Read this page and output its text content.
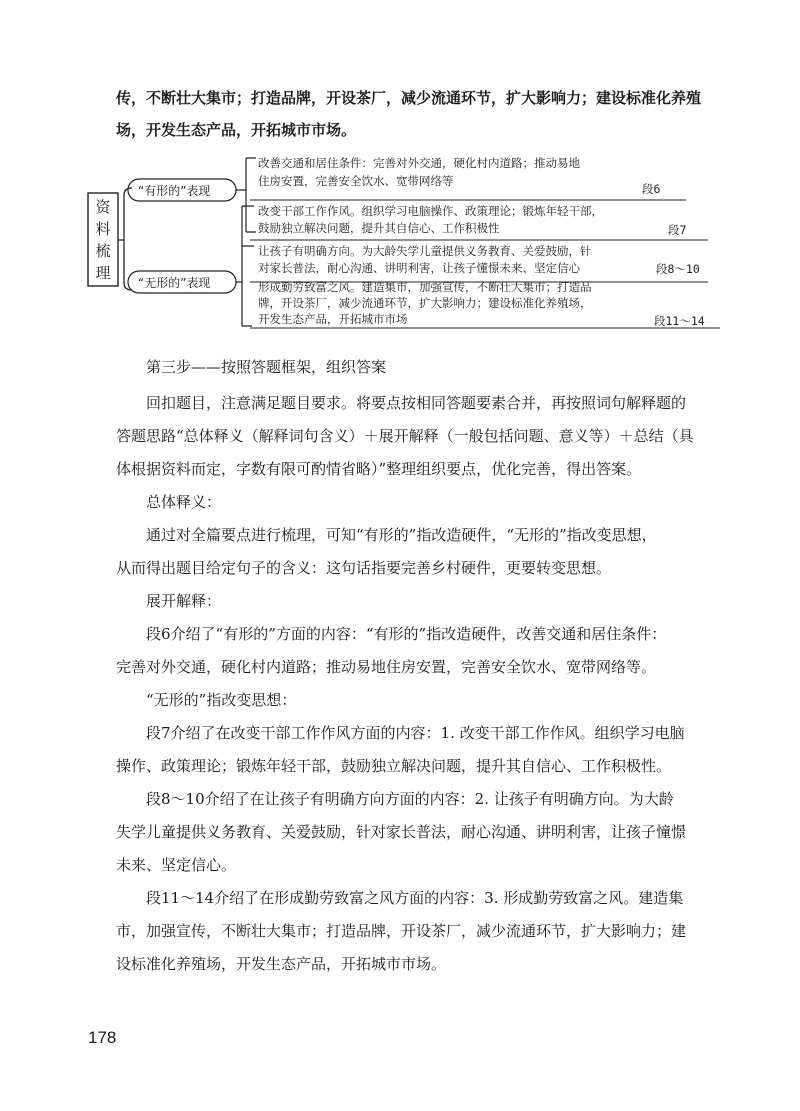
传，不断壮大集市；打造品牌，开设茶厂，减少流通环节，扩大影响力；建设标准化养殖

场，开发生态产品，开拓城市市场。

资
料
梳
理
“有形的”表现
“无形的”表现
改善交通和居住条件：完善对外交通，硬化村内道路；推动易地
住房安置，完善安全饮水、宽带网络等
段6
改变干部工作作风。组织学习电脑操作、政策理论；锻炼年轻干部，
鼓励独立解决问题，提升其自信心、工作积极性	段7
让孩子有明确方向。为大龄失学儿童提供义务教育、关爱鼓励，针
对家长普法，耐心沟通、讲明利害，让孩子懂憬未来、坚定信心	段8～10
形成勤劳致富之风。建造集市，加强宣传，不断壮大集市；打造品
牌，开设茶厂，减少流通环节，扩大影响力；建设标准化养殖场，
开发生态产品，开拓城市市场	段11～14

第三步——按照答题框架，组织答案

回扣题目，注意满足题目要求。将要点按相同答题要素合并，再按照词句解释题的

答题思路“总体释义（解释词句含义）＋展开解释（一般包括问题、意义等）＋总结（具

体根据资料而定，字数有限可酌情省略）”整理组织要点，优化完善，得出答案。

总体释义：

通过对全篇要点进行梳理，可知“有形的”指改造硬件，“无形的”指改变思想，

从而得出题目给定句子的含义：这句话指要完善乡村硬件，更要转变思想。

展开解释：

段6介绍了“有形的”方面的内容：“有形的”指改造硬件，改善交通和居住条件：

完善对外交通，硬化村内道路；推动易地住房安置，完善安全饮水、宽带网络等。

“无形的”指改变思想：

段7介绍了在改变干部工作作风方面的内容：1. 改变干部工作作风。组织学习电脑

操作、政策理论；锻炼年轻干部，鼓励独立解决问题，提升其自信心、工作积极性。

段8～10介绍了在让孩子有明确方向方面的内容：2. 让孩子有明确方向。为大龄

失学儿童提供义务教育、关爱鼓励，针对家长普法，耐心沟通、讲明利害，让孩子憧憬

未来、坚定信心。

段11～14介绍了在形成勤劳致富之风方面的内容：3. 形成勤劳致富之风。建造集

市，加强宣传，不断壮大集市；打造品牌，开设茶厂，减少流通环节，扩大影响力；建

设标准化养殖场，开发生态产品，开拓城市市场。

178
